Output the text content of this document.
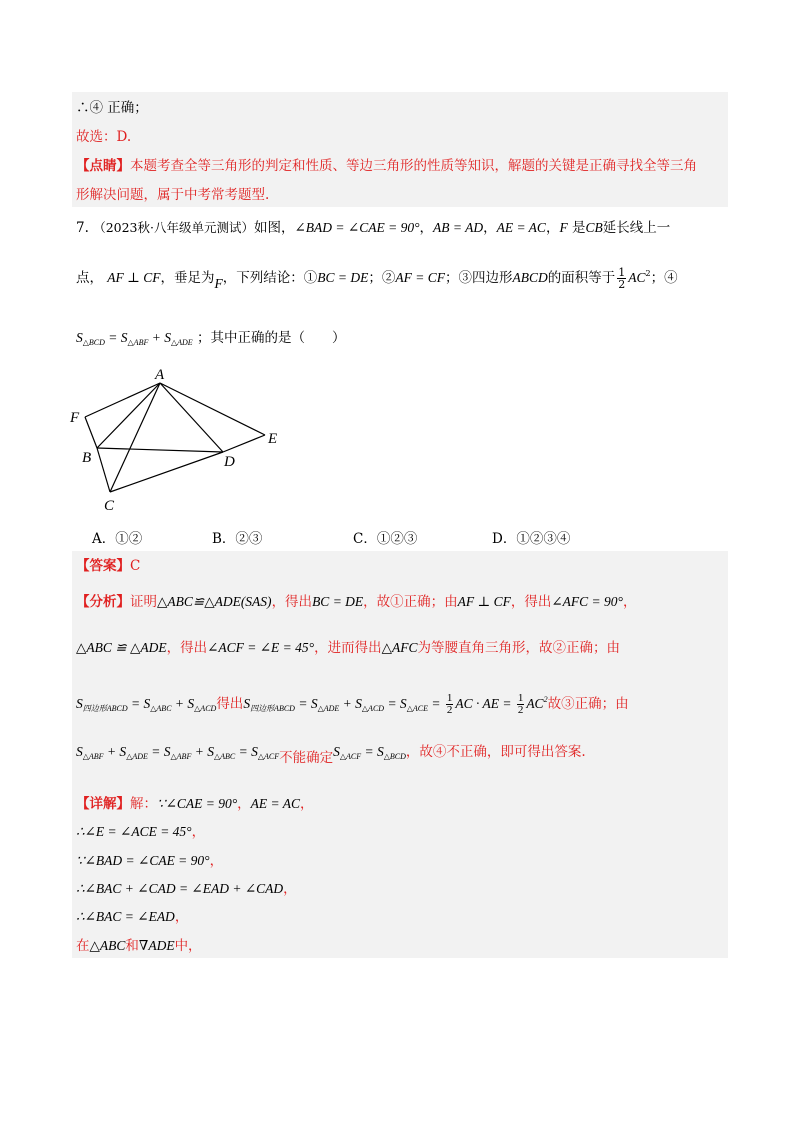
∴④ 正确；
故选：D.
【点睛】本题考查全等三角形的判定和性质、等边三角形的性质等知识，解题的关键是正确寻找全等三角
形解决问题，属于中考常考题型.
7. （2023秋·八年级单元测试）如图，∠BAD = ∠CAE = 90°，AB = AD，AE = AC，F 是CB延长线上一
点， AF ⊥ CF，垂足为F，下列结论：①BC = DE；②AF = CF；③四边形ABCD的面积等于 $\frac{1}{2} AC^2$；④
$S_{\triangle BCD} = S_{\triangle ABF} + S_{\triangle ADE}$ ；其中正确的是（　　）
A
F
B
C
D
E
A．①②	B．②③	C．①②③	D．①②③④
【答案】C
【分析】证明△ABC≌△ADE(SAS)，得出BC = DE，故①正确；由AF ⊥ CF，得出∠AFC = 90°，
△ABC ≌ △ADE，得出∠ACF = ∠E = 45°，进而得出△AFC为等腰直角三角形，故②正确；由
$S_{四边形ABCD} = S_{\triangle ABC} + S_{\triangle ACD}$得出$S_{四边形ABCD} = S_{\triangle ADE} + S_{\triangle ACD} = S_{\triangle ACE} = \frac{1}{2}$ AC · AE = $\frac{1}{2} AC^2$故③正确；由
$S_{\triangle ABF} + S_{\triangle ADE} = S_{\triangle ABF} + S_{\triangle ABC} = S_{\triangle ACF}$不能确定$S_{\triangle ACF} = S_{\triangle BCD}$，故④不正确，即可得出答案.
【详解】解：∵∠CAE = 90°，AE = AC，
∴∠E = ∠ACE = 45°，
∵∠BAD = ∠CAE = 90°，
∴∠BAC + ∠CAD = ∠EAD + ∠CAD，
∴∠BAC = ∠EAD，
在△ABC和∇ADE中，
